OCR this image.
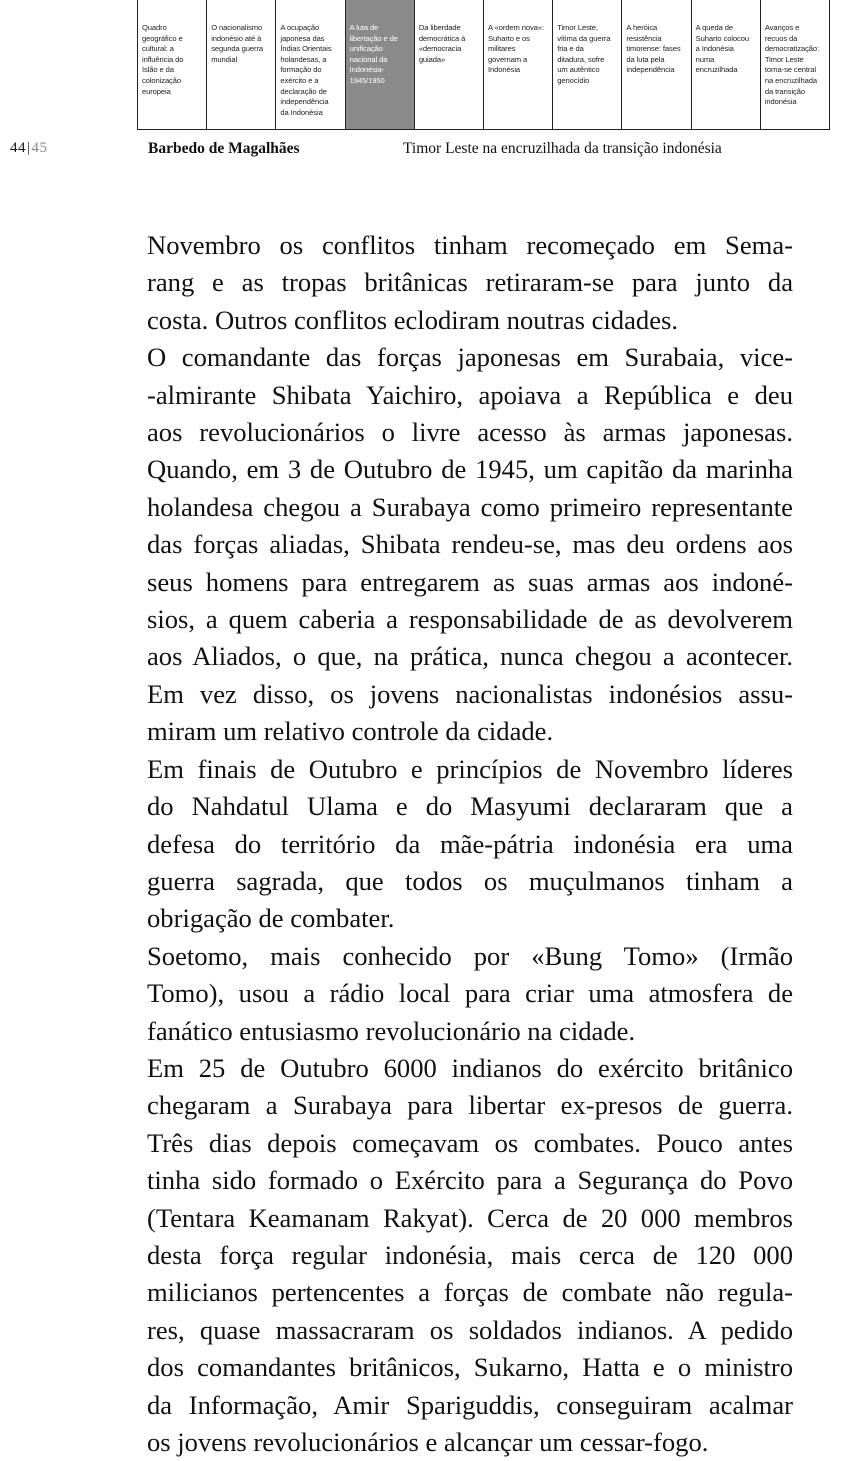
Quadro
geográfico e
cultural: a
influência do
Islão e da
colonização
europeia
O nacionalismo
indonésio até à
segunda guerra
mundial
A ocupação
japonesa das
Índias Orientais
holandesas, a
formação do
exército e a
declaração de
independência
da Indonésia
A luta de
libertação e de
unificação
nacional da
Indonésia-
1945/1950
Da liberdade
democrática à
«democracia
guiada»
A «ordem nova»:
Suharto e os
militares
governam a
Indonésia
Timor Leste,
vítima da guerra
fria e da
ditadura, sofre
um autêntico
genocídio
A heróica
resistência
timorense: fases
da luta pela
independência
A queda de
Suharto colocou
a Indonésia
numa
encruzilhada
Avanços e
recuos da
democratização:
Timor Leste
torna-se central
na encruzilhada
da transição
indonésia
44|45	Barbedo de Magalhães	Timor Leste na encruzilhada da transição indonésia
Novembro os conflitos tinham recomeçado em Sema-
rang e as tropas britânicas retiraram-se para junto da
costa. Outros conflitos eclodiram noutras cidades.
O comandante das forças japonesas em Surabaia, vice-
-almirante Shibata Yaichiro, apoiava a República e deu
aos revolucionários o livre acesso às armas japonesas.
Quando, em 3 de Outubro de 1945, um capitão da marinha
holandesa chegou a Surabaya como primeiro representante
das forças aliadas, Shibata rendeu-se, mas deu ordens aos
seus homens para entregarem as suas armas aos indoné-
sios, a quem caberia a responsabilidade de as devolverem
aos Aliados, o que, na prática, nunca chegou a acontecer.
Em vez disso, os jovens nacionalistas indonésios assu-
miram um relativo controle da cidade.
Em finais de Outubro e princípios de Novembro líderes
do Nahdatul Ulama e do Masyumi declararam que a
defesa do território da mãe-pátria indonésia era uma
guerra sagrada, que todos os muçulmanos tinham a
obrigação de combater.
Soetomo, mais conhecido por «Bung Tomo» (Irmão
Tomo), usou a rádio local para criar uma atmosfera de
fanático entusiasmo revolucionário na cidade.
Em 25 de Outubro 6000 indianos do exército britânico
chegaram a Surabaya para libertar ex-presos de guerra.
Três dias depois começavam os combates. Pouco antes
tinha sido formado o Exército para a Segurança do Povo
(Tentara Keamanam Rakyat). Cerca de 20 000 membros
desta força regular indonésia, mais cerca de 120 000
milicianos pertencentes a forças de combate não regula-
res, quase massacraram os soldados indianos. A pedido
dos comandantes britânicos, Sukarno, Hatta e o ministro
da Informação, Amir Spariguddis, conseguiram acalmar
os jovens revolucionários e alcançar um cessar-fogo.
